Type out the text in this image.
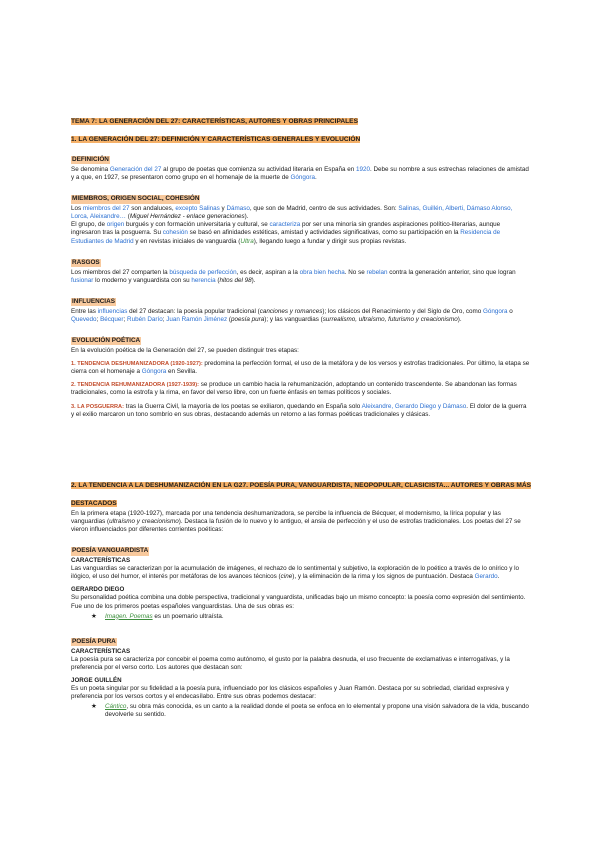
TEMA 7: LA GENERACIÓN DEL 27: CARACTERÍSTICAS, AUTORES Y OBRAS PRINCIPALES
1. LA GENERACIÓN DEL 27: DEFINICIÓN Y CARACTERÍSTICAS GENERALES Y EVOLUCIÓN
DEFINICIÓN

Se denomina Generación del 27 al grupo de poetas que comienza su actividad literaria en España en 1920. Debe su nombre a sus estrechas relaciones de amistad y a que, en 1927, se presentaron como grupo en el homenaje de la muerte de Góngora.

MIEMBROS, ORIGEN SOCIAL, COHESIÓN

Los miembros del 27 son andaluces, excepto Salinas y Dámaso, que son de Madrid, centro de sus actividades. Son: Salinas, Guillén, Alberti, Dámaso Alonso, Lorca, Aleixandre… (Miguel Hernández - enlace generaciones).

El grupo, de origen burgués y con formación universitaria y cultural, se caracteriza por ser una minoría sin grandes aspiraciones político-literarias, aunque ingresaron tras la posguerra. Su cohesión se basó en afinidades estéticas, amistad y actividades significativas, como su participación en la Residencia de Estudiantes de Madrid y en revistas iniciales de vanguardia (Ultra), llegando luego a fundar y dirigir sus propias revistas.

RASGOS

Los miembros del 27 comparten la búsqueda de perfección, es decir, aspiran a la obra bien hecha. No se rebelan contra la generación anterior, sino que logran fusionar lo moderno y vanguardista con su herencia (hitos del 98).

INFLUENCIAS

Entre las influencias del 27 destacan: la poesía popular tradicional (canciones y romances); los clásicos del Renacimiento y del Siglo de Oro, como Góngora o Quevedo; Bécquer; Rubén Darío; Juan Ramón Jiménez (poesía pura); y las vanguardias (surrealismo, ultraísmo, futurismo y creacionismo).

EVOLUCIÓN POÉTICA

En la evolución poética de la Generación del 27, se pueden distinguir tres etapas:

1. TENDENCIA DESHUMANIZADORA (1920-1927): predomina la perfección formal, el uso de la metáfora y de los versos y estrofas tradicionales. Por último, la etapa se cierra con el homenaje a Góngora en Sevilla.

2. TENDENCIA REHUMANIZADORA (1927-1939): se produce un cambio hacia la rehumanización, adoptando un contenido trascendente. Se abandonan las formas tradicionales, como la estrofa y la rima, en favor del verso libre, con un fuerte énfasis en temas políticos y sociales.

3. LA POSGUERRA: tras la Guerra Civil, la mayoría de los poetas se exiliaron, quedando en España solo Aleixandre, Gerardo Diego y Dámaso. El dolor de la guerra y el exilio marcaron un tono sombrío en sus obras, destacando además un retorno a las formas poéticas tradicionales y clásicas.

2. LA TENDENCIA A LA DESHUMANIZACIÓN EN LA G27. POESÍA PURA, VANGUARDISTA, NEOPOPULAR, CLASICISTA... AUTORES Y OBRAS MÁS DESTACADOS

En la primera etapa (1920-1927), marcada por una tendencia deshumanizadora, se percibe la influencia de Bécquer, el modernismo, la lírica popular y las vanguardias (ultraísmo y creacionismo). Destaca la fusión de lo nuevo y lo antiguo, el ansia de perfección y el uso de estrofas tradicionales. Los poetas del 27 se vieron influenciados por diferentes corrientes poéticas:

POESÍA VANGUARDISTA
CARACTERÍSTICAS

Las vanguardias se caracterizan por la acumulación de imágenes, el rechazo de lo sentimental y subjetivo, la exploración de lo poético a través de lo onírico y lo ilógico, el uso del humor, el interés por metáforas de los avances técnicos (cine), y la eliminación de la rima y los signos de puntuación. Destaca Gerardo.

GERARDO DIEGO

Su personalidad poética combina una doble perspectiva, tradicional y vanguardista, unificadas bajo un mismo concepto: la poesía como expresión del sentimiento. Fue uno de los primeros poetas españoles vanguardistas. Una de sus obras es:

★	Imagen. Poemas es un poemario ultraísta.
POESÍA PURA
CARACTERÍSTICAS

La poesía pura se caracteriza por concebir el poema como autónomo, el gusto por la palabra desnuda, el uso frecuente de exclamativas e interrogativas, y la preferencia por el verso corto. Los autores que destacan son:

JORGE GUILLÉN

Es un poeta singular por su fidelidad a la poesía pura, influenciado por los clásicos españoles y Juan Ramón. Destaca por su sobriedad, claridad expresiva y preferencia por los versos cortos y el endecasílabo. Entre sus obras podemos destacar:

★	Cántico, su obra más conocida, es un canto a la realidad donde el poeta se enfoca en lo elemental y propone una visión salvadora de la vida, buscando devolverle su sentido.
